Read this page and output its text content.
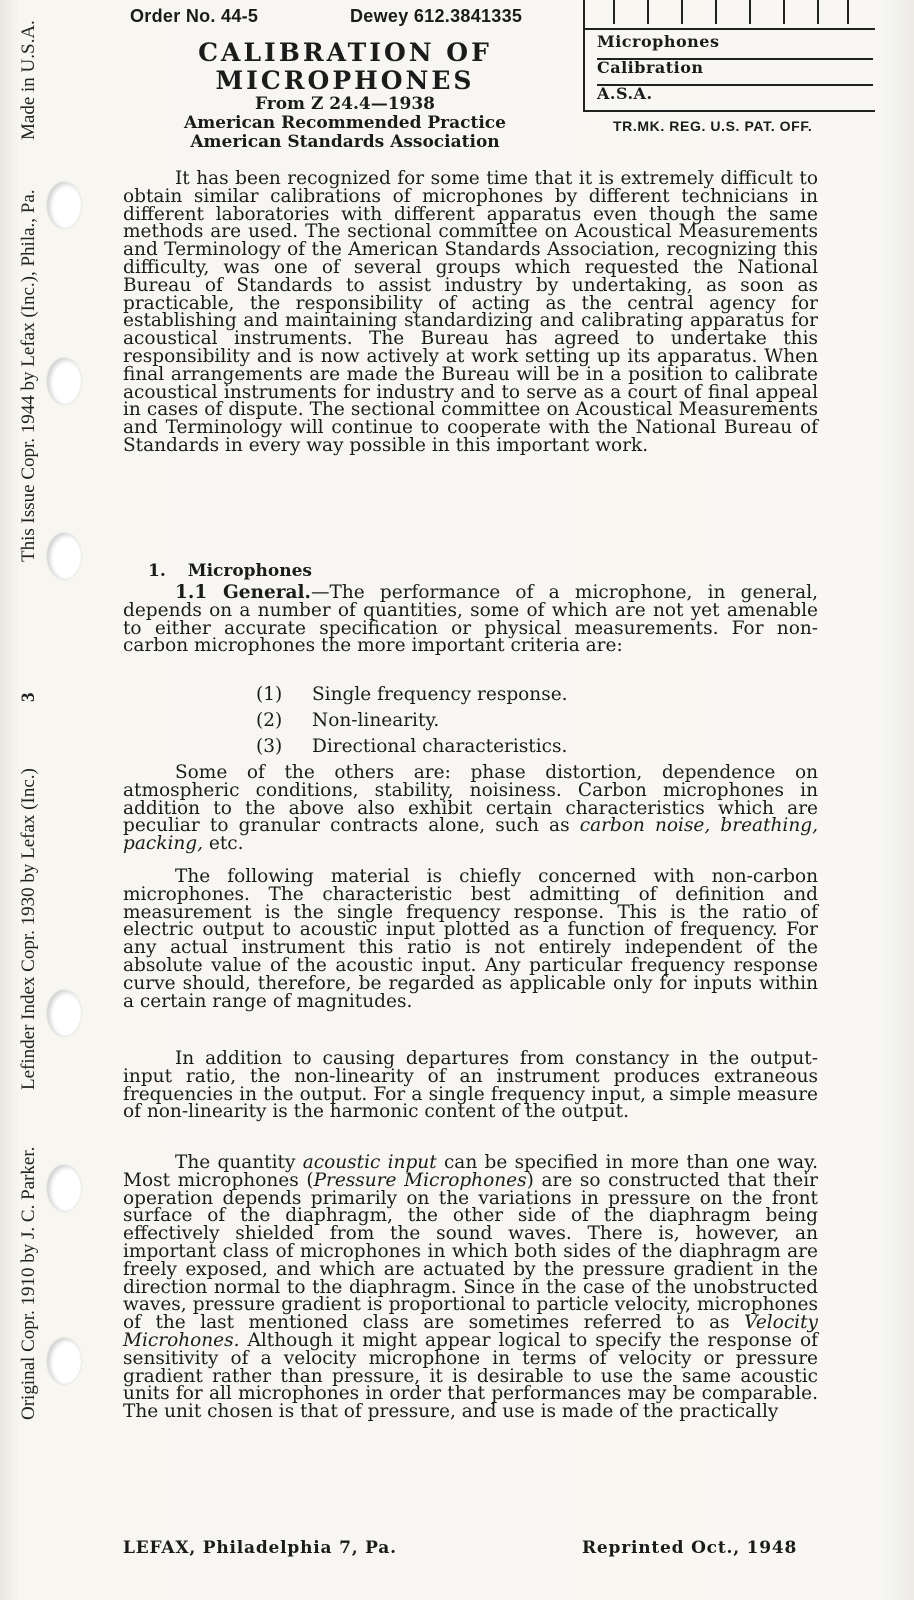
Original Copr. 1910 by J. C. Parker.
Lefinder Index Copr. 1930 by Lefax (Inc.)
3
This Issue Copr. 1944 by Lefax (Inc.), Phila., Pa.
Made in U.S.A.
Order No. 44-5	Dewey 612.3841335
CALIBRATION OF
MICROPHONES
From Z 24.4—1938
American Recommended Practice
American Standards Association
Microphones
Calibration
A.S.A.
TR.MK. REG. U.S. PAT. OFF.

It has been recognized for some time that it is extremely difficult to obtain similar calibrations of microphones by different technicians in different laboratories with different apparatus even though the same methods are used. The sectional committee on Acoustical Measurements and Terminology of the American Standards Association, recognizing this difficulty, was one of several groups which requested the National Bureau of Standards to assist industry by undertaking, as soon as practicable, the responsibility of acting as the central agency for establishing and maintaining standardizing and calibrating apparatus for acoustical instruments. The Bureau has agreed to undertake this responsibility and is now actively at work setting up its apparatus. When final arrangements are made the Bureau will be in a position to calibrate acoustical instruments for industry and to serve as a court of final appeal in cases of dispute. The sectional committee on Acoustical Measurements and Terminology will continue to cooperate with the National Bureau of Standards in every way possible in this important work.

1. Microphones

1.1 General.—The performance of a microphone, in general, depends on a number of quantities, some of which are not yet amenable to either accurate specification or physical measurements. For non-carbon microphones the more important criteria are:

(1) Single frequency response.
(2) Non-linearity.
(3) Directional characteristics.

Some of the others are: phase distortion, dependence on atmospheric conditions, stability, noisiness. Carbon microphones in addition to the above also exhibit certain characteristics which are peculiar to granular contracts alone, such as carbon noise, breathing, packing, etc.

The following material is chiefly concerned with non-carbon microphones. The characteristic best admitting of definition and measurement is the single frequency response. This is the ratio of electric output to acoustic input plotted as a function of frequency. For any actual instrument this ratio is not entirely independent of the absolute value of the acoustic input. Any particular frequency response curve should, therefore, be regarded as applicable only for inputs within a certain range of magnitudes.

In addition to causing departures from constancy in the output-input ratio, the non-linearity of an instrument produces extraneous frequencies in the output. For a single frequency input, a simple measure of non-linearity is the harmonic content of the output.

The quantity acoustic input can be specified in more than one way. Most microphones (Pressure Microphones) are so constructed that their operation depends primarily on the variations in pressure on the front surface of the diaphragm, the other side of the diaphragm being effectively shielded from the sound waves. There is, however, an important class of microphones in which both sides of the diaphragm are freely exposed, and which are actuated by the pressure gradient in the direction normal to the diaphragm. Since in the case of the unobstructed waves, pressure gradient is proportional to particle velocity, microphones of the last mentioned class are sometimes referred to as Velocity Microhones. Although it might appear logical to specify the response of sensitivity of a velocity microphone in terms of velocity or pressure gradient rather than pressure, it is desirable to use the same acoustic units for all microphones in order that performances may be comparable. The unit chosen is that of pressure, and use is made of the practically

LEFAX, Philadelphia 7, Pa.	Reprinted Oct., 1948
